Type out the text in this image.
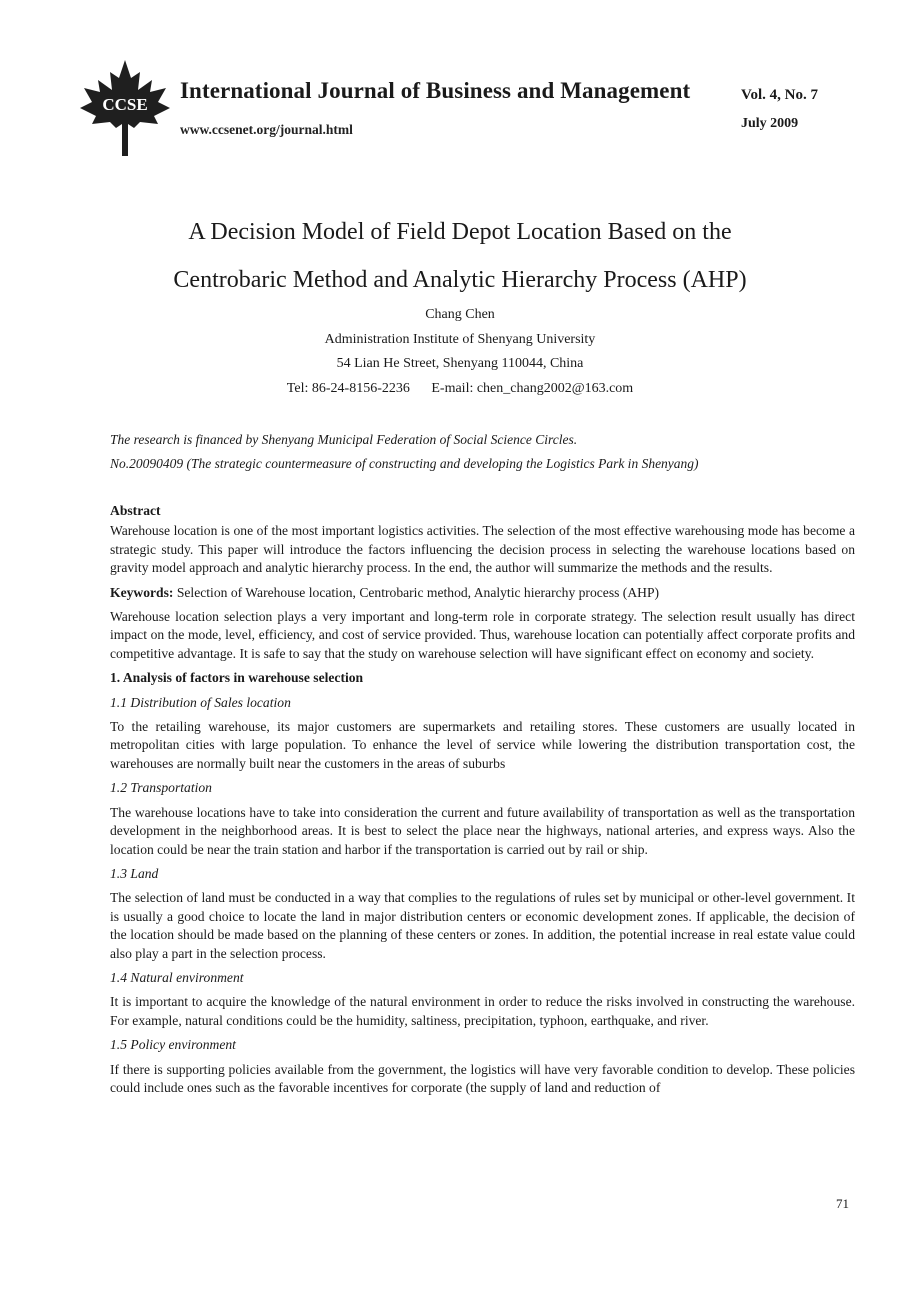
CCSE
International Journal of Business and Management
www.ccsenet.org/journal.html
Vol. 4, No. 7
July 2009
A Decision Model of Field Depot Location Based on the
Centrobaric Method and Analytic Hierarchy Process (AHP)
Chang Chen
Administration Institute of Shenyang University
54 Lian He Street, Shenyang 110044, China
Tel: 86-24-8156-2236 E-mail: chen_chang2002@163.com
The research is financed by Shenyang Municipal Federation of Social Science Circles.
No.20090409 (The strategic countermeasure of constructing and developing the Logistics Park in Shenyang)
Abstract

Warehouse location is one of the most important logistics activities. The selection of the most effective warehousing mode has become a strategic study. This paper will introduce the factors influencing the decision process in selecting the warehouse locations based on gravity model approach and analytic hierarchy process. In the end, the author will summarize the methods and the results.

Keywords: Selection of Warehouse location, Centrobaric method, Analytic hierarchy process (AHP)

Warehouse location selection plays a very important and long-term role in corporate strategy. The selection result usually has direct impact on the mode, level, efficiency, and cost of service provided. Thus, warehouse location can potentially affect corporate profits and competitive advantage. It is safe to say that the study on warehouse selection will have significant effect on economy and society.

1. Analysis of factors in warehouse selection
1.1 Distribution of Sales location

To the retailing warehouse, its major customers are supermarkets and retailing stores. These customers are usually located in metropolitan cities with large population. To enhance the level of service while lowering the distribution transportation cost, the warehouses are normally built near the customers in the areas of suburbs

1.2 Transportation

The warehouse locations have to take into consideration the current and future availability of transportation as well as the transportation development in the neighborhood areas. It is best to select the place near the highways, national arteries, and express ways. Also the location could be near the train station and harbor if the transportation is carried out by rail or ship.

1.3 Land

The selection of land must be conducted in a way that complies to the regulations of rules set by municipal or other-level government. It is usually a good choice to locate the land in major distribution centers or economic development zones. If applicable, the decision of the location should be made based on the planning of these centers or zones. In addition, the potential increase in real estate value could also play a part in the selection process.

1.4 Natural environment

It is important to acquire the knowledge of the natural environment in order to reduce the risks involved in constructing the warehouse. For example, natural conditions could be the humidity, saltiness, precipitation, typhoon, earthquake, and river.

1.5 Policy environment

If there is supporting policies available from the government, the logistics will have very favorable condition to develop. These policies could include ones such as the favorable incentives for corporate (the supply of land and reduction of

71
